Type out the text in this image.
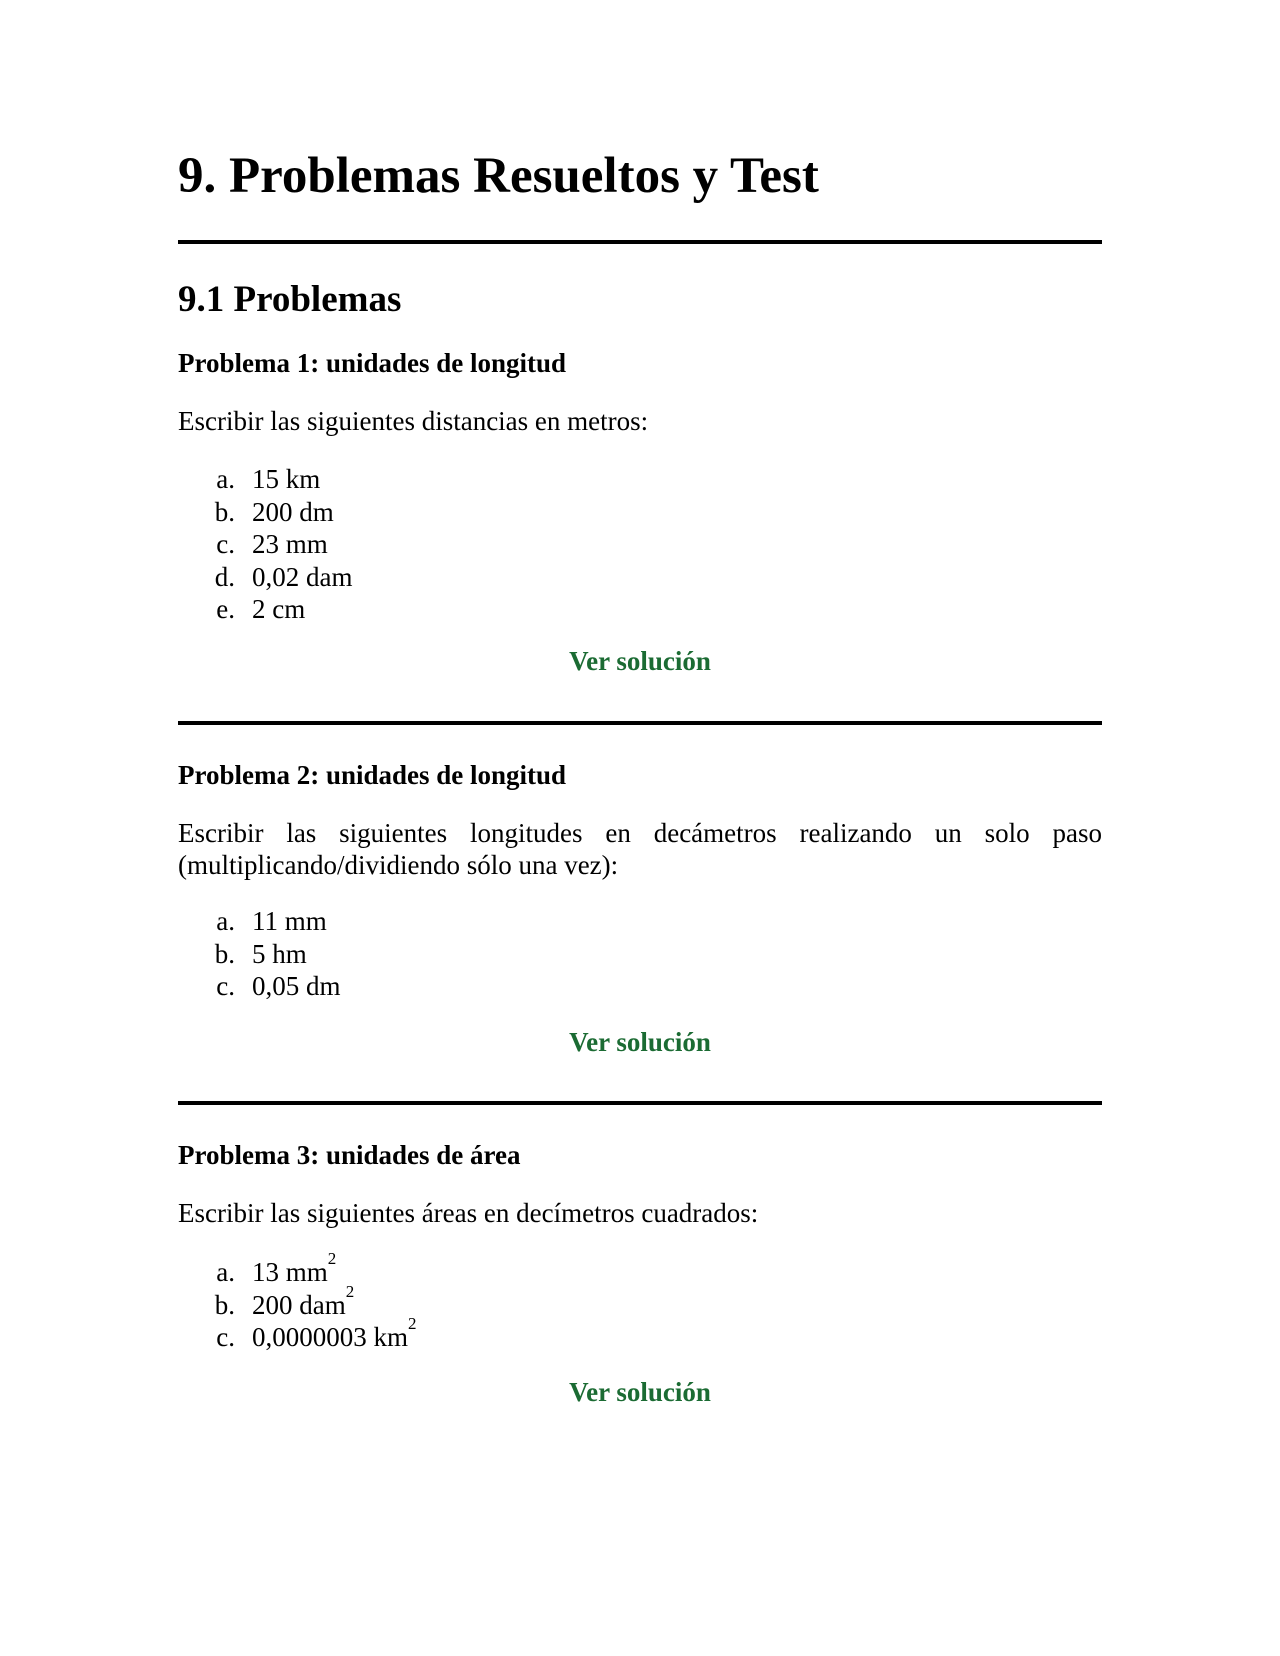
9. Problemas Resueltos y Test
9.1 Problemas
Problema 1: unidades de longitud

Escribir las siguientes distancias en metros:

a. 15 km
b. 200 dm
c. 23 mm
d. 0,02 dam
e. 2 cm
Ver solución
Problema 2: unidades de longitud

Escribir las siguientes longitudes en decámetros realizando un solo paso
(multiplicando/dividiendo sólo una vez):

a. 11 mm
b. 5 hm
c. 0,05 dm
Ver solución
Problema 3: unidades de área

Escribir las siguientes áreas en decímetros cuadrados:

a. 13 $mm^2$
b. 200 dam$^2$
c. 0,0000003 $km^2$
Ver solución
